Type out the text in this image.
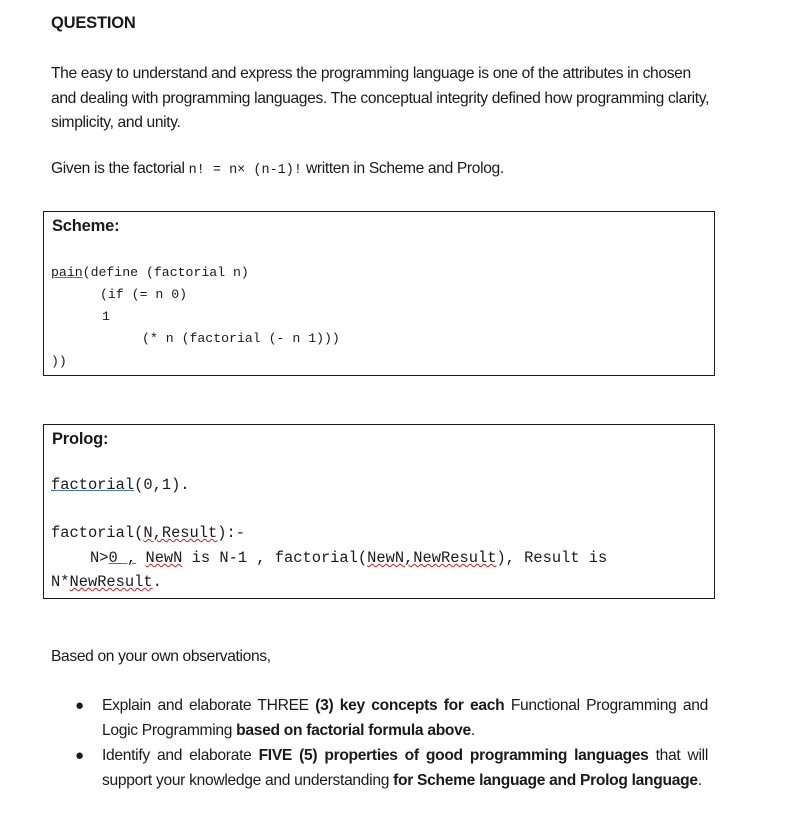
QUESTION
The easy to understand and express the programming language is one of the attributes in chosen and dealing with programming languages. The conceptual integrity defined how programming clarity, simplicity, and unity.
Given is the factorial n! = n× (n-1)! written in Scheme and Prolog.
Scheme:
pain(define (factorial n)
(if (= n 0)
1
(* n (factorial (- n 1)))
))
Prolog:
factorial(0,1).
factorial(N,Result):-
N>0 , NewN is N-1 , factorial(NewN,NewResult), Result is
N*NewResult.
Based on your own observations,
● Explain and elaborate THREE (3) key concepts for each Functional Programming and Logic Programming based on factorial formula above.
● Identify and elaborate FIVE (5) properties of good programming languages that will support your knowledge and understanding for Scheme language and Prolog language.
